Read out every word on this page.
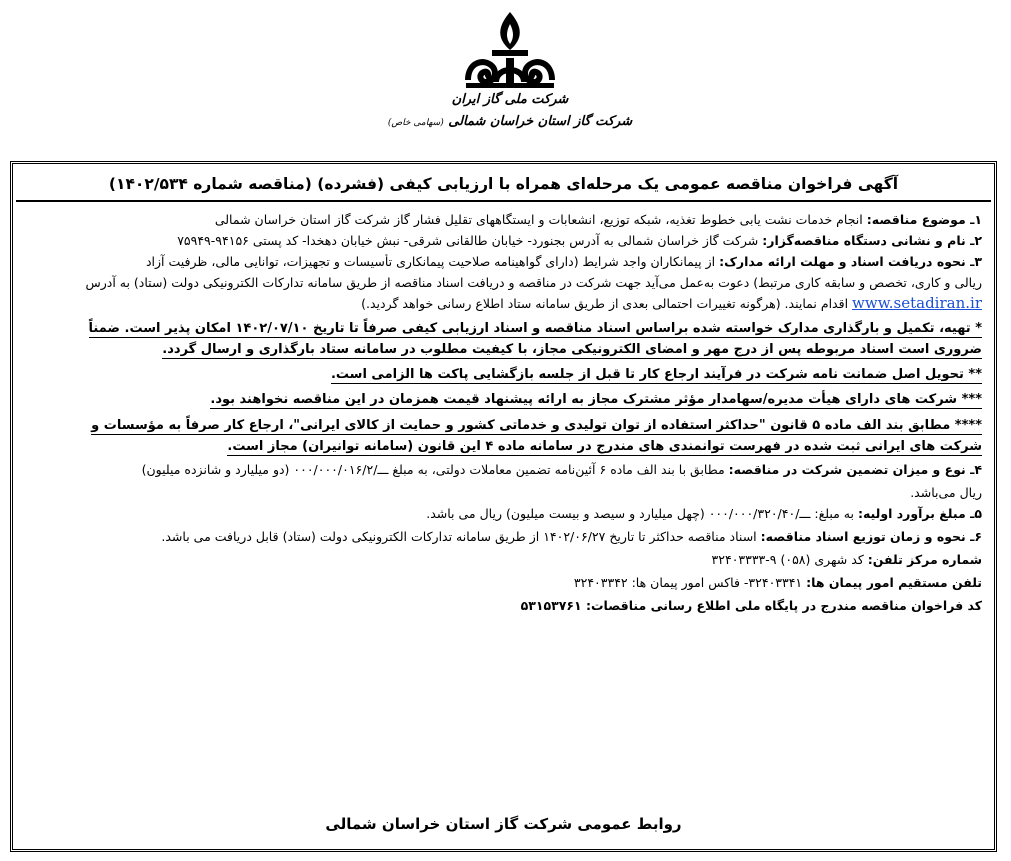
شرکت ملی گاز ایران
شرکت گاز استان خراسان شمالی (سهامی خاص)
آگهی فراخوان مناقصه عمومی یک مرحله‌ای همراه با ارزیابی کیفی (فشرده) (مناقصه شماره ۱۴۰۲/۵۳۴)

۱ـ موضوع مناقصه: انجام خدمات نشت یابی خطوط تغذیه، شبکه توزیع، انشعابات و ایستگاههای تقلیل فشار گاز شرکت گاز استان خراسان شمالی

۲ـ نام و نشانی دستگاه مناقصه‌گزار: شرکت گاز خراسان شمالی به آدرس بجنورد- خیابان طالقانی شرقی- نبش خیابان دهخدا- کد پستی ۹۴۱۵۶-۷۵۹۴۹

۳ـ نحوه دریافت اسناد و مهلت ارائه مدارک: از پیمانکاران واجد شرایط (دارای گواهینامه صلاحیت پیمانکاری تأسیسات و تجهیزات، توانایی مالی، ظرفیت آزاد
ریالی و کاری، تخصص و سابقه کاری مرتبط) دعوت به‌عمل می‌آید جهت شرکت در مناقصه و دریافت اسناد مناقصه از طریق سامانه تدارکات الکترونیکی دولت (ستاد) به آدرس
www.setadiran.ir اقدام نمایند. (هرگونه تغییرات احتمالی بعدی از طریق سامانه ستاد اطلاع رسانی خواهد گردید.)

* تهیه، تکمیل و بارگذاری مدارک خواسته شده براساس اسناد مناقصه و اسناد ارزیابی کیفی صرفاً تا تاریخ ۱۴۰۲/۰۷/۱۰ امکان پذیر است. ضمناً
ضروری است اسناد مربوطه پس از درج مهر و امضای الکترونیکی مجاز، با کیفیت مطلوب در سامانه ستاد بارگذاری و ارسال گردد.

** تحویل اصل ضمانت نامه شرکت در فرآیند ارجاع کار تا قبل از جلسه بازگشایی پاکت ها الزامی است.

*** شرکت های دارای هیأت مدیره/سهامدار مؤثر مشترک مجاز به ارائه پیشنهاد قیمت همزمان در این مناقصه نخواهند بود.

**** مطابق بند الف ماده ۵ قانون "حداکثر استفاده از توان تولیدی و خدماتی کشور و حمایت از کالای ایرانی"، ارجاع کار صرفاً به مؤسسات و
شرکت های ایرانی ثبت شده در فهرست توانمندی های مندرج در سامانه ماده ۴ این قانون (سامانه توانیران) مجاز است.

۴ـ نوع و میزان تضمین شرکت در مناقصه: مطابق با بند الف ماده ۶ آئین‌نامه تضمین معاملات دولتی، به مبلغ ـــ/۰۰۰/۰۰۰/۰۱۶/۲ (دو میلیارد و شانزده میلیون)
ریال می‌باشد.

۵ـ مبلغ برآورد اولیه: به مبلغ: ـــ/۰۰۰/۰۰۰/۳۲۰/۴۰ (چهل میلیارد و سیصد و بیست میلیون) ریال می باشد.

۶ـ نحوه و زمان توزیع اسناد مناقصه: اسناد مناقصه حداکثر تا تاریخ ۱۴۰۲/۰۶/۲۷ از طریق سامانه تدارکات الکترونیکی دولت (ستاد) قابل دریافت می باشد.

شماره مرکز تلفن: کد شهری (۰۵۸) ۹-۳۲۴۰۳۳۳۳

تلفن مستقیم امور پیمان ها: ۳۲۴۰۳۳۴۱- فاکس امور پیمان ها: ۳۲۴۰۳۳۴۲

کد فراخوان مناقصه مندرج در پایگاه ملی اطلاع رسانی مناقصات: ۵۳۱۵۳۷۶۱

روابط عمومی شرکت گاز استان خراسان شمالی
